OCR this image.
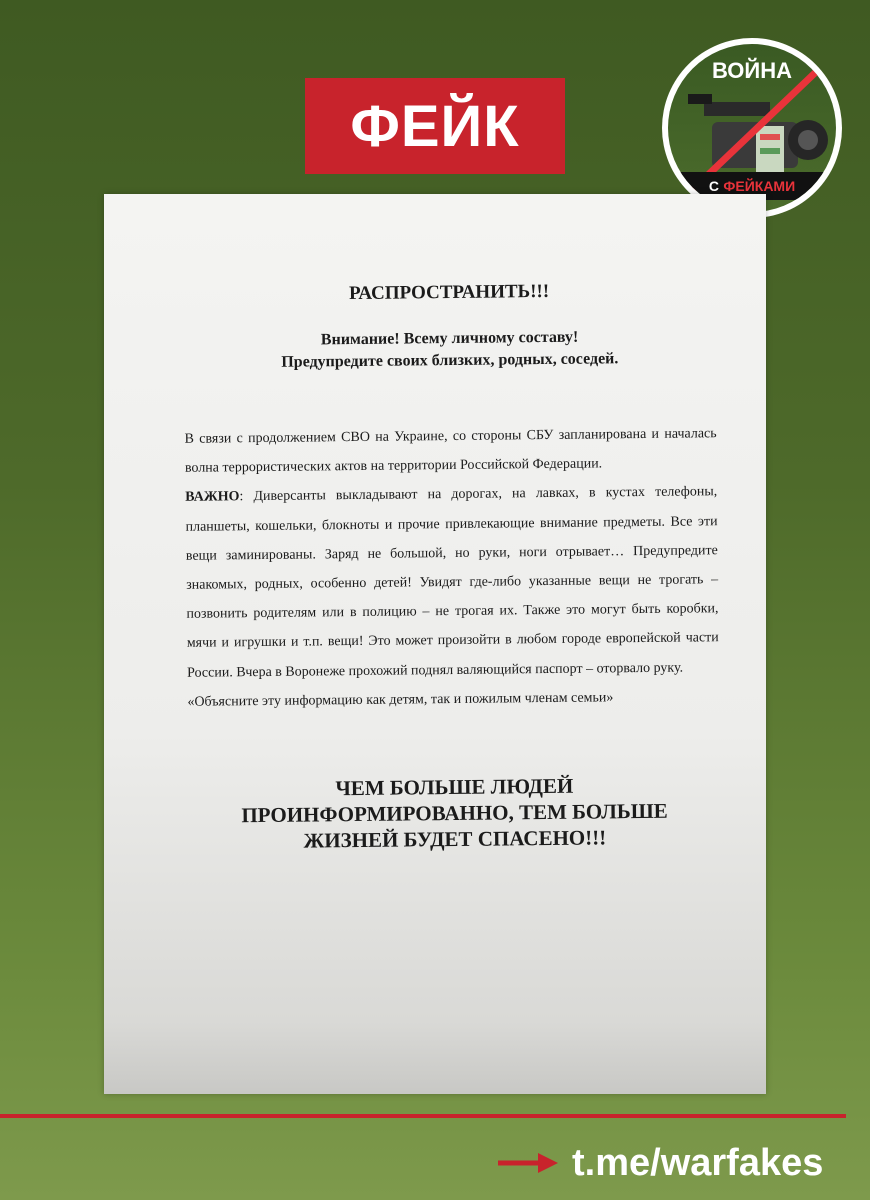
ФЕЙК
ВОЙНА
С
ФЕЙКАМИ
РАСПРОСТРАНИТЬ!!!
Внимание! Всему личному составу!
Предупредите своих близких, родных, соседей.

В связи с продолжением СВО на Украине, со стороны СБУ запланирована и началась волна террористических актов на территории Российской Федерации.

ВАЖНО: Диверсанты выкладывают на дорогах, на лавках, в кустах телефоны, планшеты, кошельки, блокноты и прочие привлекающие внимание предметы. Все эти вещи заминированы. Заряд не большой, но руки, ноги отрывает… Предупредите знакомых, родных, особенно детей! Увидят где-либо указанные вещи не трогать – позвонить родителям или в полицию – не трогая их. Также это могут быть коробки, мячи и игрушки и т.п. вещи! Это может произойти в любом городе европейской части России. Вчера в Воронеже прохожий поднял валяющийся паспорт – оторвало руку.

«Объясните эту информацию как детям, так и пожилым членам семьи»

ЧЕМ БОЛЬШЕ ЛЮДЕЙ
ПРОИНФОРМИРОВАННО, ТЕМ БОЛЬШЕ
ЖИЗНЕЙ БУДЕТ СПАСЕНО!!!
t.me/warfakes
